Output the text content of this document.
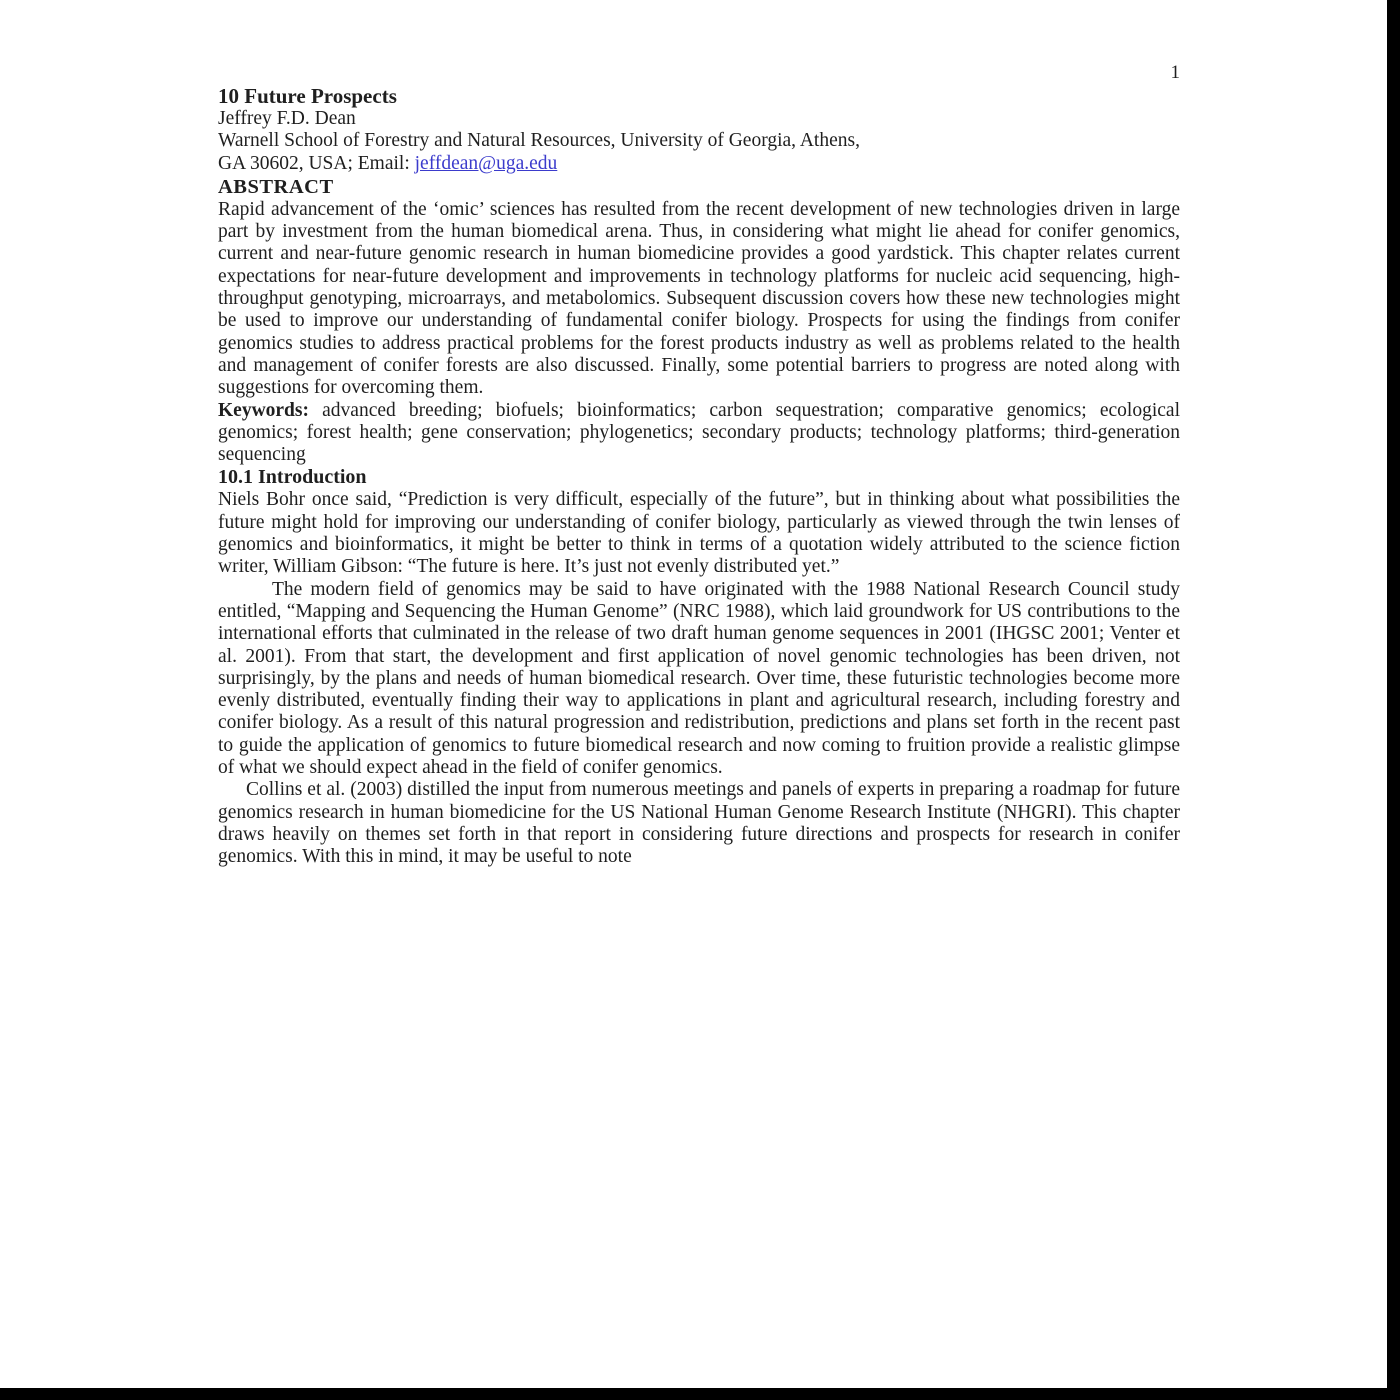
1
10 Future Prospects
Jeffrey F.D. Dean
Warnell School of Forestry and Natural Resources, University of Georgia, Athens,
GA 30602, USA; Email: jeffdean@uga.edu
ABSTRACT

Rapid advancement of the ‘omic’ sciences has resulted from the recent development of new technologies driven in large part by investment from the human biomedical arena. Thus, in considering what might lie ahead for conifer genomics, current and near-future genomic research in human biomedicine provides a good yardstick. This chapter relates current expectations for near-future development and improvements in technology platforms for nucleic acid sequencing, high-throughput genotyping, microarrays, and metabolomics. Subsequent discussion covers how these new technologies might be used to improve our understanding of fundamental conifer biology. Prospects for using the findings from conifer genomics studies to address practical problems for the forest products industry as well as problems related to the health and management of conifer forests are also discussed. Finally, some potential barriers to progress are noted along with suggestions for overcoming them.

Keywords: advanced breeding; biofuels; bioinformatics; carbon sequestration; comparative genomics; ecological genomics; forest health; gene conservation; phylogenetics; secondary products; technology platforms; third-generation sequencing

10.1 Introduction

Niels Bohr once said, “Prediction is very difficult, especially of the future”, but in thinking about what possibilities the future might hold for improving our understanding of conifer biology, particularly as viewed through the twin lenses of genomics and bioinformatics, it might be better to think in terms of a quotation widely attributed to the science fiction writer, William Gibson: “The future is here. It’s just not evenly distributed yet.”

The modern field of genomics may be said to have originated with the 1988 National Research Council study entitled, “Mapping and Sequencing the Human Genome” (NRC 1988), which laid groundwork for US contributions to the international efforts that culminated in the release of two draft human genome sequences in 2001 (IHGSC 2001; Venter et al. 2001). From that start, the development and first application of novel genomic technologies has been driven, not surprisingly, by the plans and needs of human biomedical research. Over time, these futuristic technologies become more evenly distributed, eventually finding their way to applications in plant and agricultural research, including forestry and conifer biology. As a result of this natural progression and redistribution, predictions and plans set forth in the recent past to guide the application of genomics to future biomedical research and now coming to fruition provide a realistic glimpse of what we should expect ahead in the field of conifer genomics.

Collins et al. (2003) distilled the input from numerous meetings and panels of experts in preparing a roadmap for future genomics research in human biomedicine for the US National Human Genome Research Institute (NHGRI). This chapter draws heavily on themes set forth in that report in considering future directions and prospects for research in conifer genomics. With this in mind, it may be useful to note
